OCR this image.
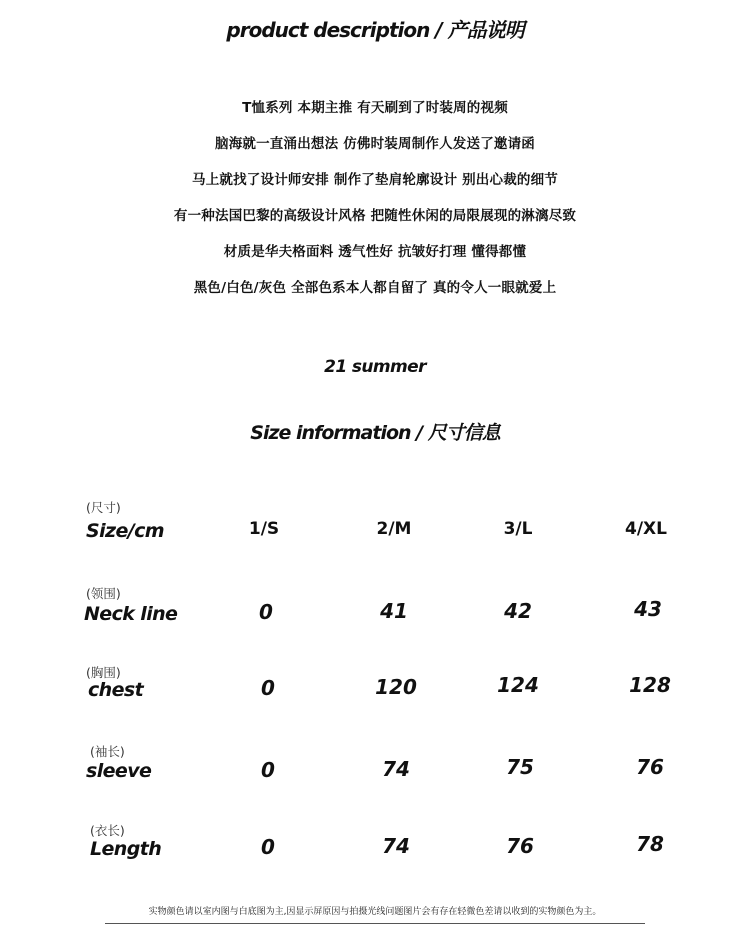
product description / 产品说明
T恤系列 本期主推 有天刷到了时装周的视频
脑海就一直涌出想法 仿佛时装周制作人发送了邀请函
马上就找了设计师安排 制作了垫肩轮廓设计 别出心裁的细节
有一种法国巴黎的高级设计风格 把随性休闲的局限展现的淋漓尽致
材质是华夫格面料 透气性好 抗皱好打理 懂得都懂
黑色/白色/灰色 全部色系本人都自留了 真的令人一眼就爱上
21 summer
Size information / 尺寸信息
(尺寸)
Size/cm	1/S	2/M	3/L	4/XL
(领围)
Neck line	0	41	42	43
(胸围)
chest	0	120	124	128
(袖长)
sleeve	0	74	75	76
(衣长)
Length	0	74	76	78
实物颜色请以室内图与白底图为主,因显示屏原因与拍摄光线问题图片会有存在轻微色差请以收到的实物颜色为主。
